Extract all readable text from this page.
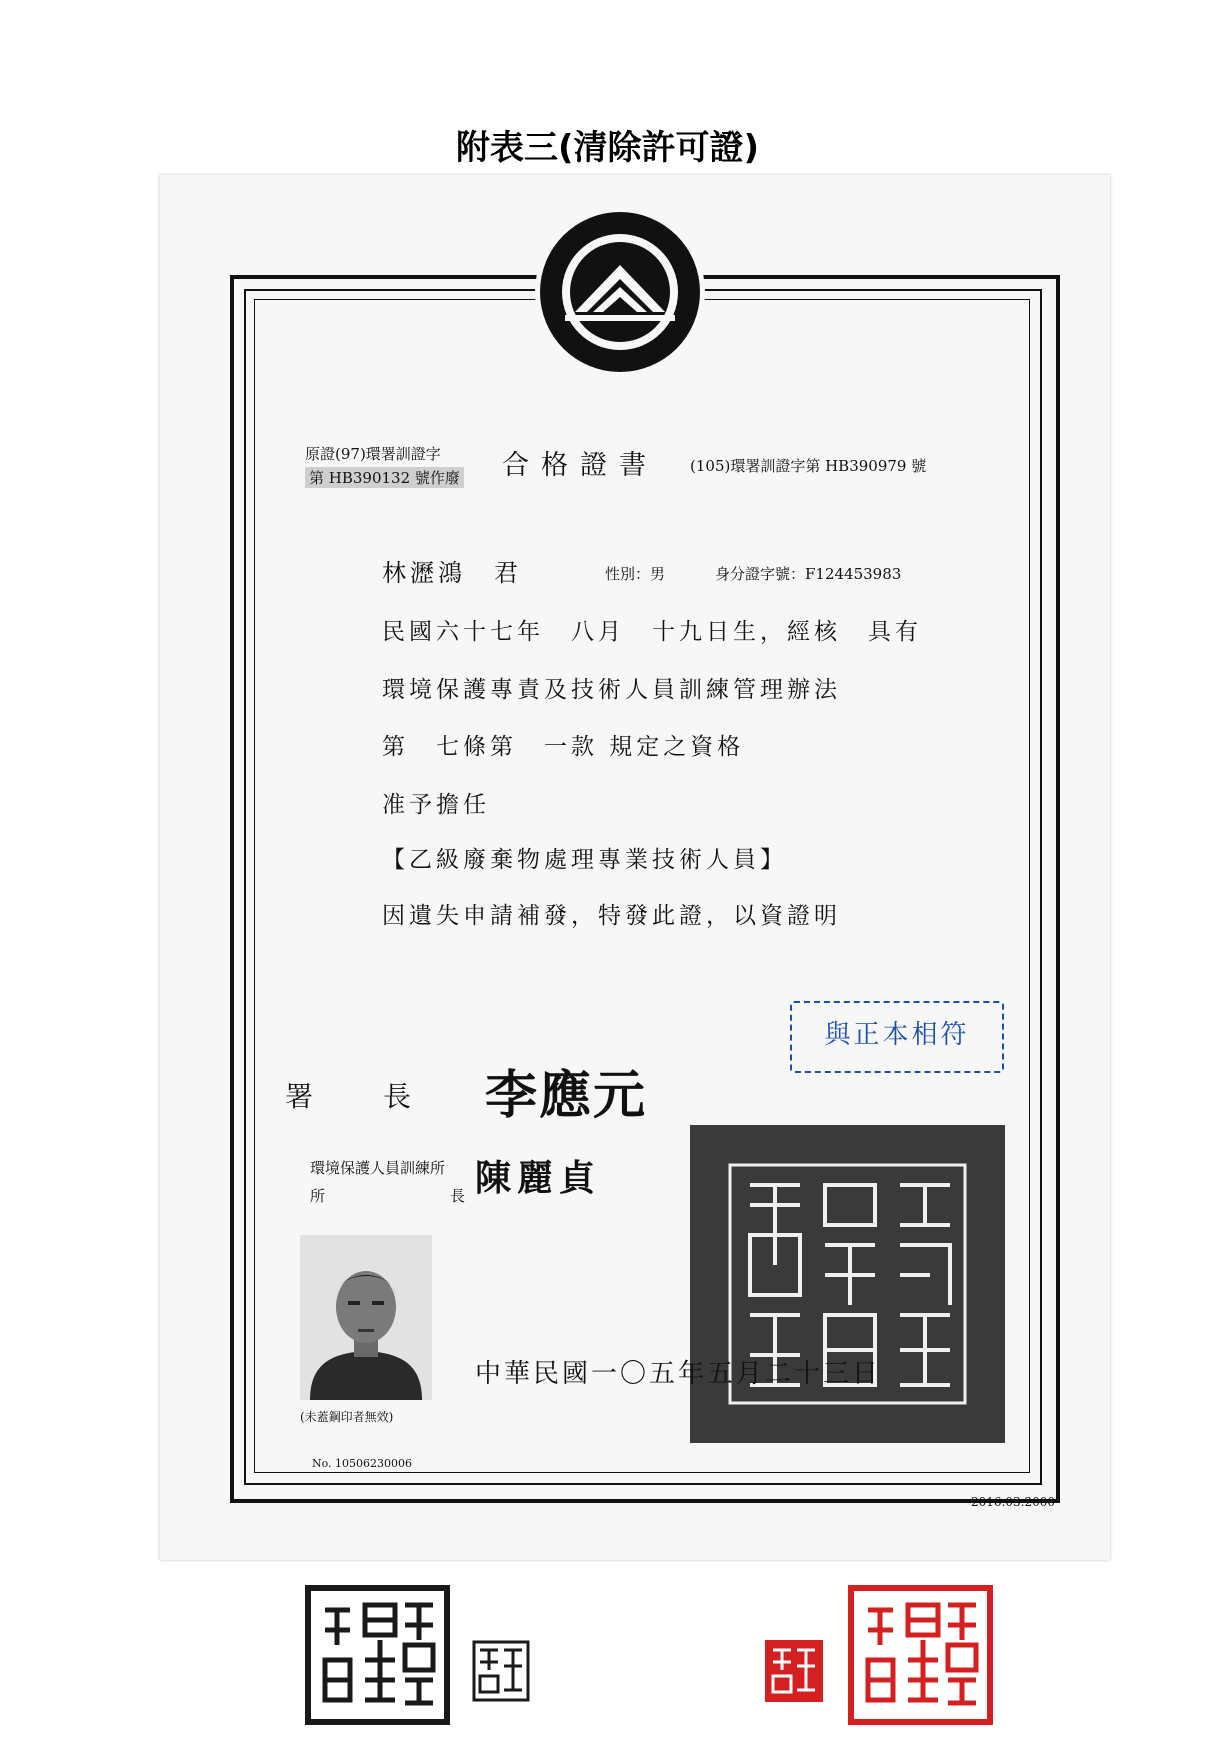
附表三(清除許可證)
原證(97)環署訓證字
第 HB390132 號作廢 合格證書 (105)環署訓證字第 HB390979 號
林瀝鴻　君	性別：男	身分證字號：F124453983
民國六十七年　八月　十九日生，經核　具有
環境保護專責及技術人員訓練管理辦法
第　七條第　一款 規定之資格
准予擔任
【乙級廢棄物處理專業技術人員】
因遺失申請補發，特發此證，以資證明
與正本相符
署長 李應元
環境保護人員訓練所
所長
陳麗貞
(未蓋鋼印者無效)
中華民國一〇五年五月二十三日
No. 10506230006
2016.03.2000
